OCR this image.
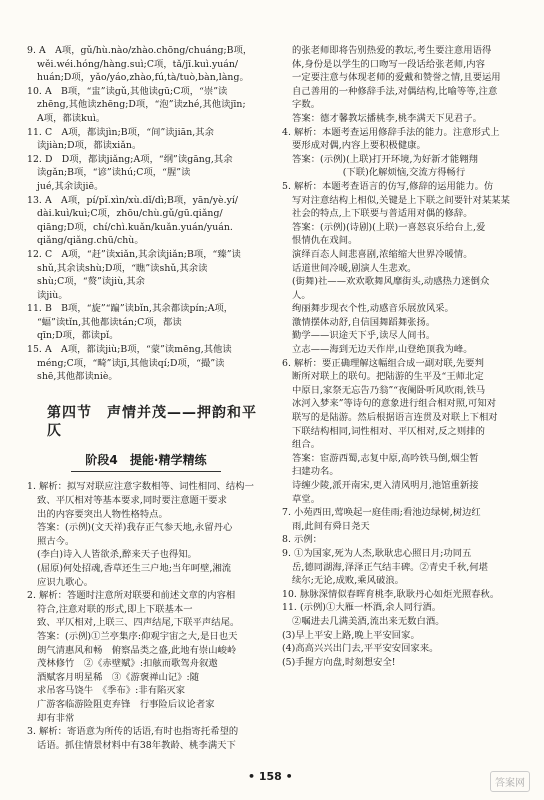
9. A　A项，gǔ/hù.nào/zhào.chōng/chuáng;B项，

wěi.wéi.hóng/hàng.suì;C项，tǎ/jī.kuì.yuán/

huán;D项，yǎo/yáo,zhào,fú,tà/tuò,bàn,làng。

10. A　B项，“盅”读gǔ,其他读gū;C项，“崇”读

zhēng,其他读zhēng;D项，“泡”读zhé,其他读jīn;

A项，都读kuì。

11. C　A项，都读jìn;B项，“间”读jiān,其余

读jiàn;D项，都读xiǎn。

12. D　D项，都读jiǎng;A项，“纲”读gāng,其余

读gǎn;B项，“谚”读hú;C项，“腥”读

jué,其余读jiē。

13. A　A项，pí/pǐ.xìn/xù.dǐ/dì;B项，yān/yè.yí/

dài.kuì/kuì;C项，zhōu/chù.gǔ/gū.qiǎng/

qiāng;D项，chí/chì.kuǎn/kuǎn.yuán/yuán.

qiǎng/qiǎng.chū/chù。

12. C　A项，“赶”读xiǎn,其余读jiǎn;B项，“臻”读

shǔ,其余读shù;D项，“瞧”读shǔ,其余读

shù;C项，“赘”读jiù,其余

读jiù。

11. B　B项，“旋”“蹁”读bǐn,其余都读pín;A项，

“蝠”读tǐn,其他都读tán;C项，都读

qīn;D项，都读pǐ。

15. A　A项，都读jiù;B项，“蒙”读mēng,其他读

méng;C项，“畸”读jī,其他读qí;D项，“撮”读

shē,其他都读niè。

第四节　声情并茂——押韵和平仄
阶段4　提能·精学精练

1. 解析：拟写对联应注意字数相等、词性相同、结构一

致、平仄相对等基本要求,同时要注意题干要求

出的内容要突出人物性格特点。

答案：(示例)(文天祥)我存正气参天地,永留丹心

照古今。

(李白)诗入人皆欲杀,醉来天子也得知。

(屈原)何处招魂,香草还生三户地;当年呵壁,湘流

应识九歌心。

2. 解析：答题时注意所对联要和前述文章的内容相

符合,注意对联的形式,即上下联基本一

致、平仄相对,上联三、四声结尾,下联平声结尾。

答案：(示例)①兰亭集序:仰观宇宙之大,是日也天

朗气清惠风和畅　俯察品类之盛,此地有崇山峻岭

茂林修竹　②《赤壁赋》:扣舷而歌驾舟叙遨

酒赋客月明星稀　③《游褒禅山记》:随

求吊客马饶牛　《季布》:非有陷灭家

广游客临游险阻吏弃锋　行事险后议论者家

却有非常

3. 解析：寄语意为所传的话语,有时也指寄托希望的

话语。抓住情景材料中有38年教龄、桃李满天下

的张老师即将告别热爱的教坛,考生要注意用语得

体,身份是以学生的口吻写一段话给张老师,内容

一定要注意与体现老师的爱戴和赞誉之情,且要运用

自己善用的一种修辞手法,对偶结构,比喻等等,注意

字数。

答案：德才馨教坛播桃李,桃李满天下见君子。

4. 解析：本题考查运用修辞手法的能力。注意形式上

要形成对偶,内容上要积极健康。

答案：(示例)(上联)打开环境,为好新才能翱翔

(下联)化解烦恼,交流方得畅行

5. 解析：本题考查语言的仿写,修辞的运用能力。仿

写对注意结构上相似,关键是上下联之间要针对某某某

社会的特点,上下联要与普适用对偶的修辞。

答案：(示例)(诗剧)(上联)一喜怒哀乐给台上,爱

恨情仇在戏间。

演绎百态人间悲喜剧,浓缩缩大世界冷暖情。

话道世间冷暖,剧演人生悲欢。

(街舞)社——欢欢歌舞风靡街头,动感热力迷倒众

人。

绚丽舞步现衣个性,动感音乐展放风采。

激情摆体动舒,自信国舞蹈舞张扬。

勤学——识途天下乎,读尽人间书。

立志——海到无边天作岸,山登绝顶我为峰。

6. 解析：要正确理解这幅组合成一副对联,先要判

断所对联上的联句。把陆游的生平及“王师北定

中原日,家祭无忘告乃翁”“夜阑卧听风吹雨,铁马

冰河入梦来”等诗句的意象进行组合相对照,可知对

联写的是陆游。然后根据语言连贯及对联上下相对

下联结构相同,词性相对、平仄相对,反之则排的

组合。

答案：宦游西蜀,志复中原,高吟铁马倒,烟尘暂

扫建功名。

诗缠少陵,派开南宋,更入清风明月,池馆重新接

草堂。

7. 小苑西田,莺唤起一庭佳雨;看池边绿树,树边红

雨,此间有舜日尧天

8. 示例：

9. ①为国家,死为人杰,耿耿忠心照日月;功同五

岳,德同湖海,泽泽正气结丰碑。②青史千秋,何堪

续尔;无论,成败,乘风破浪。

10. 脉脉深情似春晖育桃李,耿耿丹心如炬光照春秋。

11. (示例)①大雁一杯酒,余人同行酒。

②嘱进去几满美酒,流出来无数白酒。

(3)早上平安上路,晚上平安回家。

(4)高高兴兴出门去,平平安安回家来。

(5)手握方向盘,时刻想安全!

• 158 •
答案网
